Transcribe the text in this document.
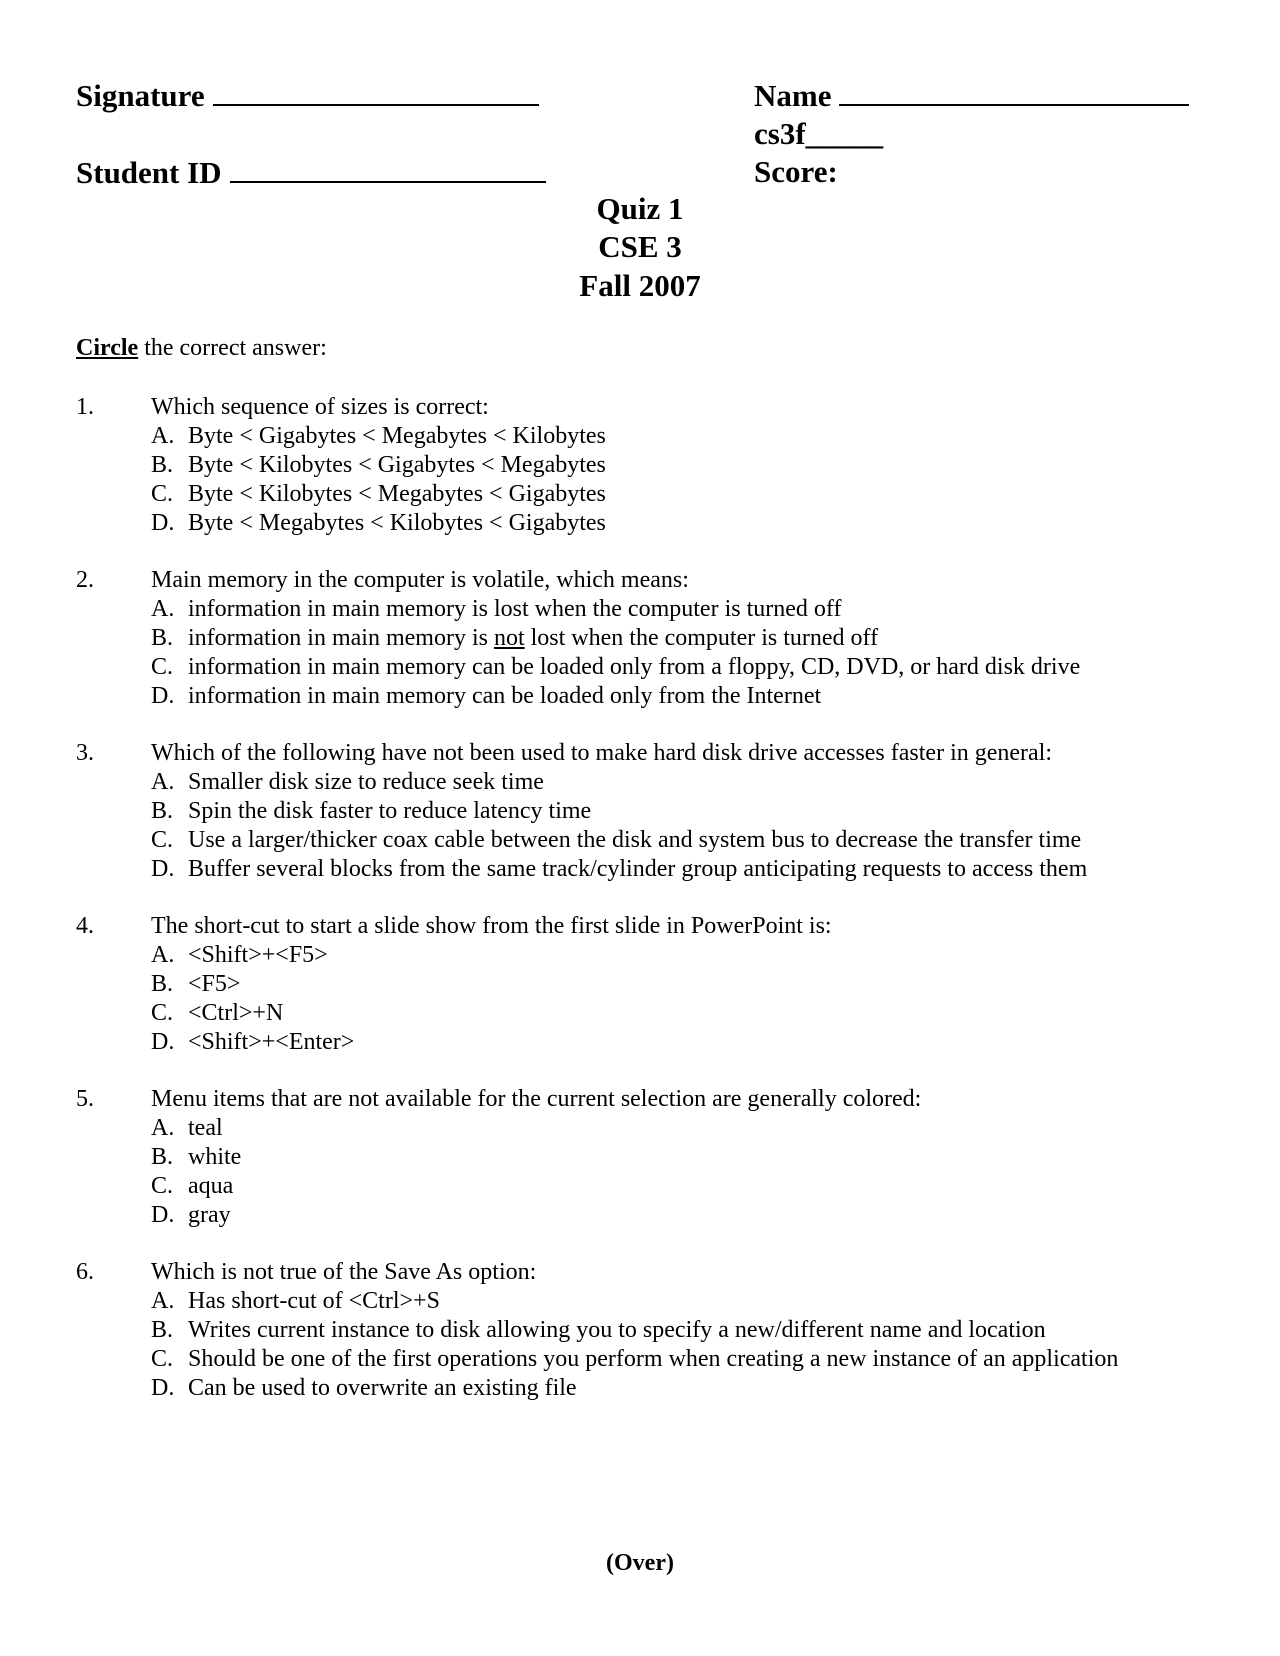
Signature
Student ID
Name
cs3f_____
Score:
Quiz 1
CSE 3
Fall 2007
Circle the correct answer:
1. Which sequence of sizes is correct:
A. Byte < Gigabytes < Megabytes < Kilobytes
B. Byte < Kilobytes < Gigabytes < Megabytes
C. Byte < Kilobytes < Megabytes < Gigabytes
D. Byte < Megabytes < Kilobytes < Gigabytes
2. Main memory in the computer is volatile, which means:
A. information in main memory is lost when the computer is turned off
B. information in main memory is not lost when the computer is turned off
C. information in main memory can be loaded only from a floppy, CD, DVD, or hard disk drive
D. information in main memory can be loaded only from the Internet
3. Which of the following have not been used to make hard disk drive accesses faster in general:
A. Smaller disk size to reduce seek time
B. Spin the disk faster to reduce latency time
C. Use a larger/thicker coax cable between the disk and system bus to decrease the transfer time
D. Buffer several blocks from the same track/cylinder group anticipating requests to access them
4. The short-cut to start a slide show from the first slide in PowerPoint is:
A. <Shift>+<F5>
B. <F5>
C. <Ctrl>+N
D. <Shift>+<Enter>
5. Menu items that are not available for the current selection are generally colored:
A. teal
B. white
C. aqua
D. gray
6. Which is not true of the Save As option:
A. Has short-cut of <Ctrl>+S
B. Writes current instance to disk allowing you to specify a new/different name and location
C. Should be one of the first operations you perform when creating a new instance of an application
D. Can be used to overwrite an existing file
(Over)
